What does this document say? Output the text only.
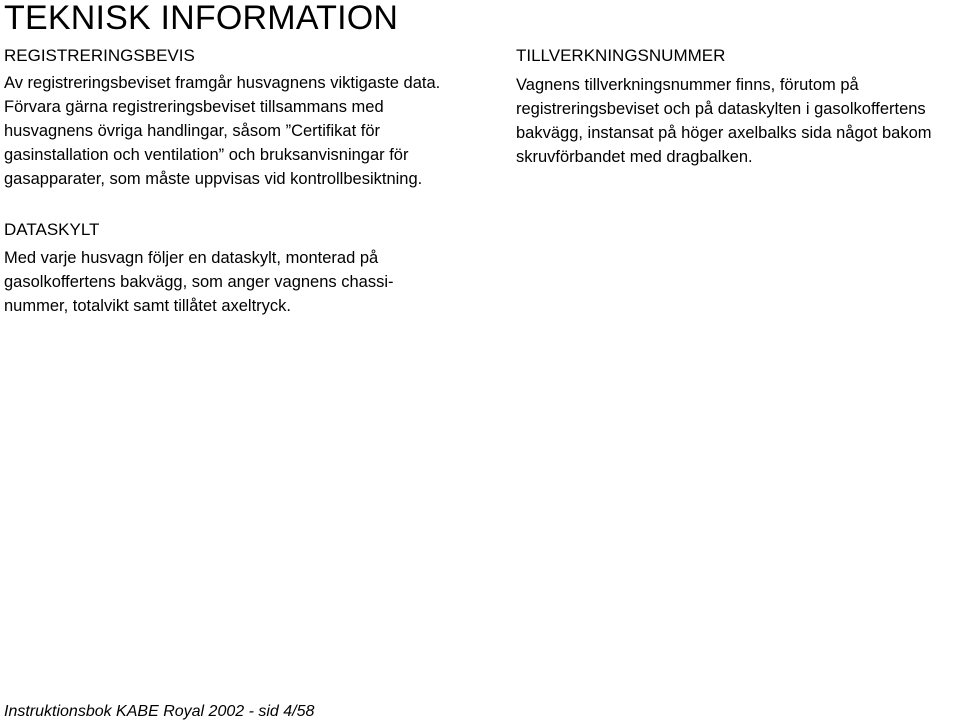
TEKNISK INFORMATION
REGISTRERINGSBEVIS

Av registreringsbeviset framgår husvagnens viktigaste data. Förvara gärna registreringsbeviset tillsammans med husvagnens övriga handlingar, såsom ”Certifikat för gasinstallation och ventilation” och bruksanvisningar för gasapparater, som måste uppvisas vid kontrollbesiktning.

TILLVERKNINGSNUMMER

Vagnens tillverkningsnummer finns, förutom på registreringsbeviset och på dataskylten i gasolkoffertens bakvägg, instansat på höger axelbalks sida något bakom skruvförbandet med dragbalken.

DATASKYLT

Med varje husvagn följer en dataskylt, monterad på gasolkoffertens bakvägg, som anger vagnens chassinummer, totalvikt samt tillåtet axeltryck.

Instruktionsbok KABE Royal 2002 - sid 4/58
